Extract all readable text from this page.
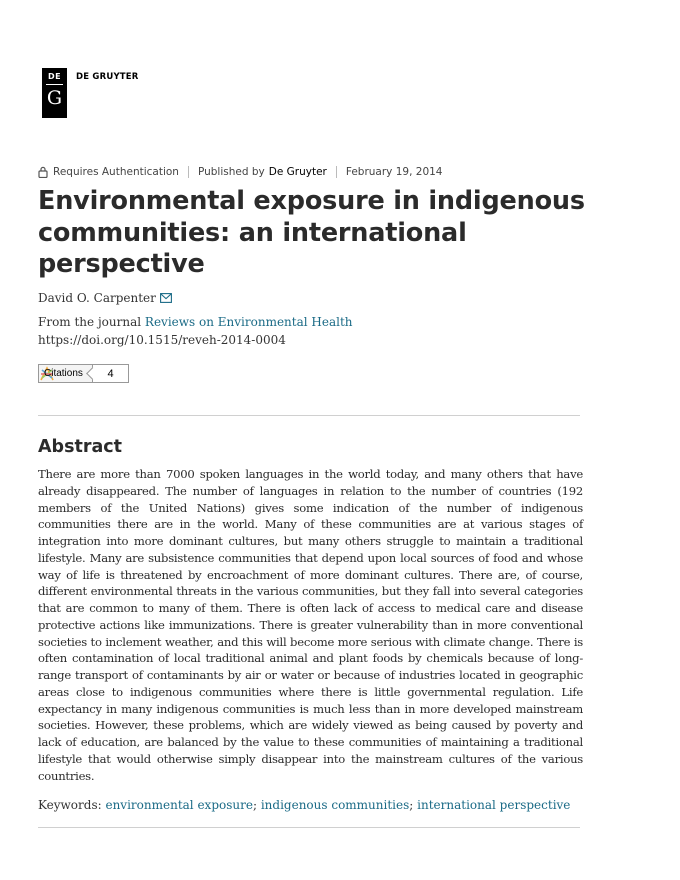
DE
G
DE GRUYTER
Requires Authentication Published by De Gruyter February 19, 2014
Environmental exposure in indigenous communities: an international perspective
David O. Carpenter
From the journal Reviews on Environmental Health
https://doi.org/10.1515/reveh-2014-0004
Citations	4
Abstract

There are more than 7000 spoken languages in the world today, and many others that have already disappeared. The number of languages in relation to the number of countries (192 members of the United Nations) gives some indication of the number of indigenous communities there are in the world. Many of these communities are at various stages of integration into more dominant cultures, but many others struggle to maintain a traditional lifestyle. Many are subsistence communities that depend upon local sources of food and whose way of life is threatened by encroachment of more dominant cultures. There are, of course, different environmental threats in the various communities, but they fall into several categories that are common to many of them. There is often lack of access to medical care and disease protective actions like immunizations. There is greater vulnerability than in more conventional societies to inclement weather, and this will become more serious with climate change. There is often contamination of local traditional animal and plant foods by chemicals because of long-range transport of contaminants by air or water or because of industries located in geographic areas close to indigenous communities where there is little governmental regulation. Life expectancy in many indigenous communities is much less than in more developed mainstream societies. However, these problems, which are widely viewed as being caused by poverty and lack of education, are balanced by the value to these communities of maintaining a traditional lifestyle that would otherwise simply disappear into the mainstream cultures of the various countries.

Keywords: environmental exposure; indigenous communities; international perspective
